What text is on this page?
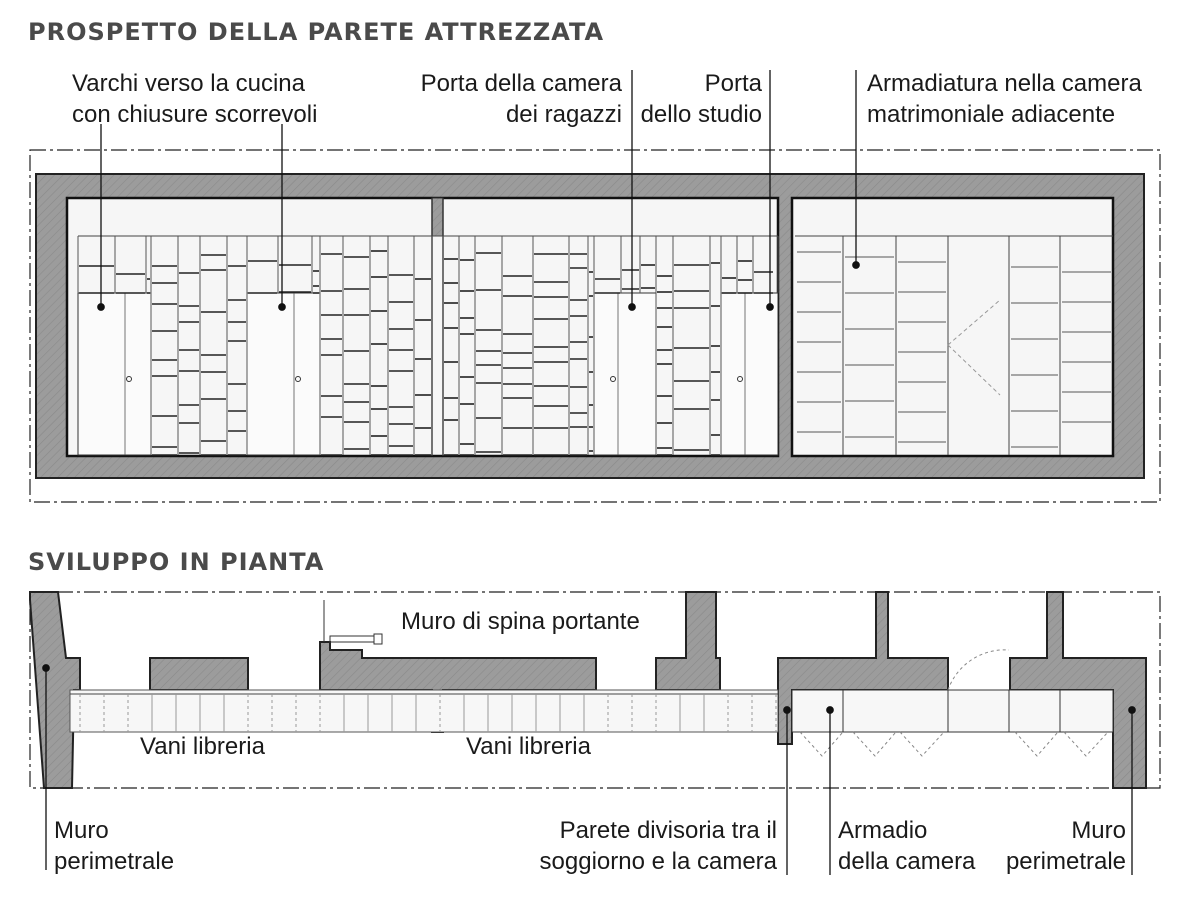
PROSPETTO DELLA PARETE ATTREZZATA
SVILUPPO IN PIANTA
Varchi verso la cucina
con chiusure scorrevoli
Porta della camera
dei ragazzi
Porta
dello studio
Armadiatura nella camera
matrimoniale adiacente
Muro di spina portante
Vani libreria	Vani libreria
Muro
perimetrale
Parete divisoria tra il
soggiorno e la camera
Armadio
della camera
Muro
perimetrale
